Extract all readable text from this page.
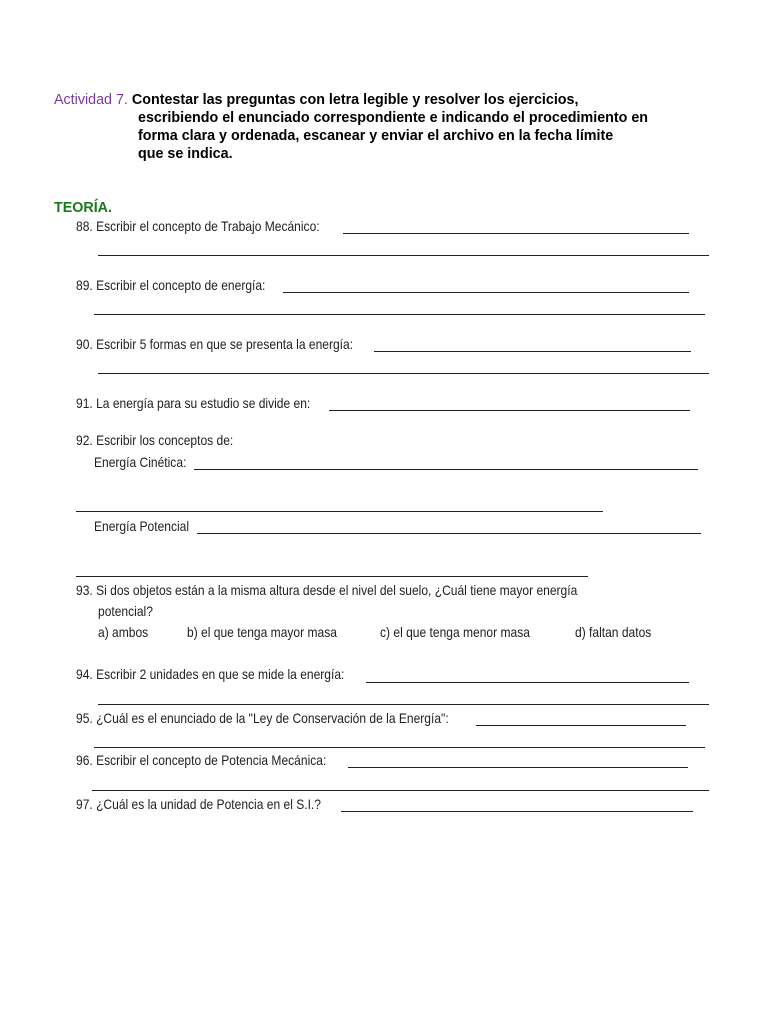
Actividad 7. Contestar las preguntas con letra legible y resolver los ejercicios,
escribiendo el enunciado correspondiente e indicando el procedimiento en
forma clara y ordenada, escanear y enviar el archivo en la fecha límite
que se indica.
TEORÍA.
88. Escribir el concepto de Trabajo Mecánico:
89. Escribir el concepto de energía:
90. Escribir 5 formas en que se presenta la energía:
91. La energía para su estudio se divide en:
92. Escribir los conceptos de:
Energía Cinética:
Energía Potencial
93. Si dos objetos están a la misma altura desde el nivel del suelo, ¿Cuál tiene mayor energía
potencial?
a) ambos	b) el que tenga mayor masa	c) el que tenga menor masa	d) faltan datos
94. Escribir 2 unidades en que se mide la energía:
95. ¿Cuál es el enunciado de la "Ley de Conservación de la Energía":
96. Escribir el concepto de Potencia Mecánica:
97. ¿Cuál es la unidad de Potencia en el S.I.?
